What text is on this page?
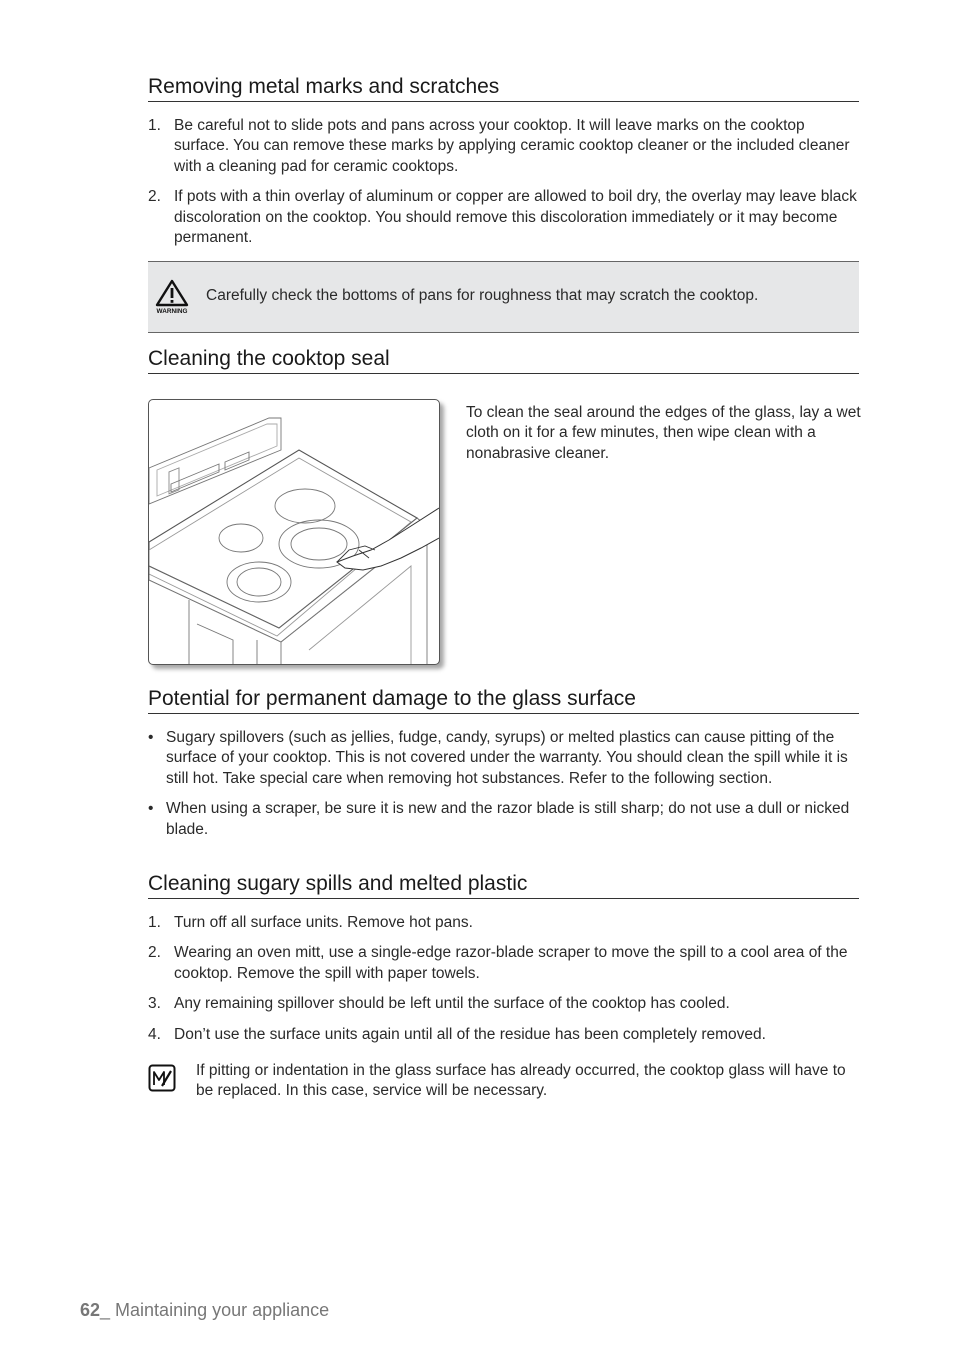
Removing metal marks and scratches
1. Be careful not to slide pots and pans across your cooktop. It will leave marks on the cooktop surface. You can remove these marks by applying ceramic cooktop cleaner or the included cleaner with a cleaning pad for ceramic cooktops.
2. If pots with a thin overlay of aluminum or copper are allowed to boil dry, the overlay may leave black discoloration on the cooktop. You should remove this discoloration immediately or it may become permanent.
WARNING
Carefully check the bottoms of pans for roughness that may scratch the cooktop.
Cleaning the cooktop seal

To clean the seal around the edges of the glass, lay a wet cloth on it for a few minutes, then wipe clean with a nonabrasive cleaner.

Potential for permanent damage to the glass surface
• Sugary spillovers (such as jellies, fudge, candy, syrups) or melted plastics can cause pitting of the surface of your cooktop. This is not covered under the warranty. You should clean the spill while it is still hot. Take special care when removing hot substances. Refer to the following section.
• When using a scraper, be sure it is new and the razor blade is still sharp; do not use a dull or nicked blade.
Cleaning sugary spills and melted plastic
1. Turn off all surface units. Remove hot pans.
2. Wearing an oven mitt, use a single-edge razor-blade scraper to move the spill to a cool area of the cooktop. Remove the spill with paper towels.
3. Any remaining spillover should be left until the surface of the cooktop has cooled.
4. Don’t use the surface units again until all of the residue has been completely removed.

If pitting or indentation in the glass surface has already occurred, the cooktop glass will have to be replaced. In this case, service will be necessary.

62_ Maintaining your appliance
